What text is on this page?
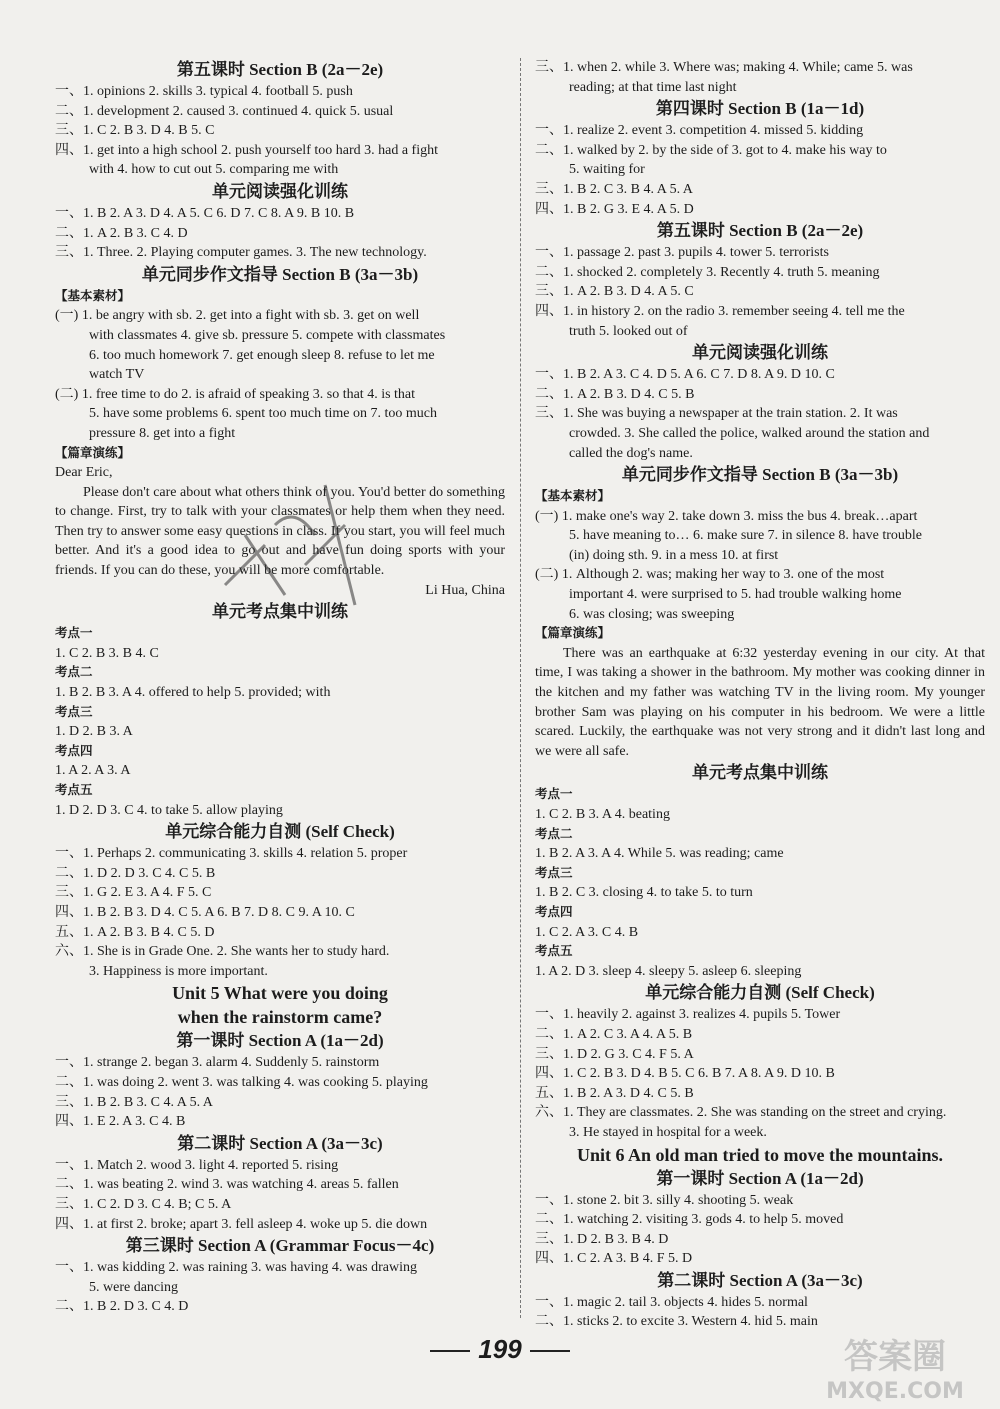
第五课时 Section B (2a－2e)
一、1. opinions 2. skills 3. typical 4. football 5. push
二、1. development 2. caused 3. continued 4. quick 5. usual
三、1. C 2. B 3. D 4. B 5. C
四、1. get into a high school 2. push yourself too hard 3. had a fight
with 4. how to cut out 5. comparing me with
单元阅读强化训练
一、1. B 2. A 3. D 4. A 5. C 6. D 7. C 8. A 9. B 10. B
二、1. A 2. B 3. C 4. D
三、1. Three. 2. Playing computer games. 3. The new technology.
单元同步作文指导 Section B (3a－3b)
【基本素材】
(一) 1. be angry with sb. 2. get into a fight with sb. 3. get on well
with classmates 4. give sb. pressure 5. compete with classmates
6. too much homework 7. get enough sleep 8. refuse to let me
watch TV
(二) 1. free time to do 2. is afraid of speaking 3. so that 4. is that
5. have some problems 6. spent too much time on 7. too much
pressure 8. get into a fight
【篇章演练】
Dear Eric,
Please don't care about what others think of you. You'd better do something to change. First, try to talk with your classmates or help them when they need. Then try to answer some easy questions in class. If you start, you will feel much better. And it's a good idea to go out and have fun doing sports with your friends. If you can do these, you will be more comfortable.
Li Hua, China
单元考点集中训练
考点一
1. C 2. B 3. B 4. C
考点二
1. B 2. B 3. A 4. offered to help 5. provided; with
考点三
1. D 2. B 3. A
考点四
1. A 2. A 3. A
考点五
1. D 2. D 3. C 4. to take 5. allow playing
单元综合能力自测 (Self Check)
一、1. Perhaps 2. communicating 3. skills 4. relation 5. proper
二、1. D 2. D 3. C 4. C 5. B
三、1. G 2. E 3. A 4. F 5. C
四、1. B 2. B 3. D 4. C 5. A 6. B 7. D 8. C 9. A 10. C
五、1. A 2. B 3. B 4. C 5. D
六、1. She is in Grade One. 2. She wants her to study hard.
3. Happiness is more important.
Unit 5 What were you doing
when the rainstorm came?
第一课时 Section A (1a－2d)
一、1. strange 2. began 3. alarm 4. Suddenly 5. rainstorm
二、1. was doing 2. went 3. was talking 4. was cooking 5. playing
三、1. B 2. B 3. C 4. A 5. A
四、1. E 2. A 3. C 4. B
第二课时 Section A (3a－3c)
一、1. Match 2. wood 3. light 4. reported 5. rising
二、1. was beating 2. wind 3. was watching 4. areas 5. fallen
三、1. C 2. D 3. C 4. B; C 5. A
四、1. at first 2. broke; apart 3. fell asleep 4. woke up 5. die down
第三课时 Section A (Grammar Focus－4c)
一、1. was kidding 2. was raining 3. was having 4. was drawing
5. were dancing
二、1. B 2. D 3. C 4. D
三、1. when 2. while 3. Where was; making 4. While; came 5. was
reading; at that time last night
第四课时 Section B (1a－1d)
一、1. realize 2. event 3. competition 4. missed 5. kidding
二、1. walked by 2. by the side of 3. got to 4. make his way to
5. waiting for
三、1. B 2. C 3. B 4. A 5. A
四、1. B 2. G 3. E 4. A 5. D
第五课时 Section B (2a－2e)
一、1. passage 2. past 3. pupils 4. tower 5. terrorists
二、1. shocked 2. completely 3. Recently 4. truth 5. meaning
三、1. A 2. B 3. D 4. A 5. C
四、1. in history 2. on the radio 3. remember seeing 4. tell me the
truth 5. looked out of
单元阅读强化训练
一、1. B 2. A 3. C 4. D 5. A 6. C 7. D 8. A 9. D 10. C
二、1. A 2. B 3. D 4. C 5. B
三、1. She was buying a newspaper at the train station. 2. It was
crowded. 3. She called the police, walked around the station and
called the dog's name.
单元同步作文指导 Section B (3a－3b)
【基本素材】
(一) 1. make one's way 2. take down 3. miss the bus 4. break…apart
5. have meaning to… 6. make sure 7. in silence 8. have trouble
(in) doing sth. 9. in a mess 10. at first
(二) 1. Although 2. was; making her way to 3. one of the most
important 4. were surprised to 5. had trouble walking home
6. was closing; was sweeping
【篇章演练】
There was an earthquake at 6:32 yesterday evening in our city. At that time, I was taking a shower in the bathroom. My mother was cooking dinner in the kitchen and my father was watching TV in the living room. My younger brother Sam was playing on his computer in his bedroom. We were a little scared. Luckily, the earthquake was not very strong and it didn't last long and we were all safe.
单元考点集中训练
考点一
1. C 2. B 3. A 4. beating
考点二
1. B 2. A 3. A 4. While 5. was reading; came
考点三
1. B 2. C 3. closing 4. to take 5. to turn
考点四
1. C 2. A 3. C 4. B
考点五
1. A 2. D 3. sleep 4. sleepy 5. asleep 6. sleeping
单元综合能力自测 (Self Check)
一、1. heavily 2. against 3. realizes 4. pupils 5. Tower
二、1. A 2. C 3. A 4. A 5. B
三、1. D 2. G 3. C 4. F 5. A
四、1. C 2. B 3. D 4. B 5. C 6. B 7. A 8. A 9. D 10. B
五、1. B 2. A 3. D 4. C 5. B
六、1. They are classmates. 2. She was standing on the street and crying.
3. He stayed in hospital for a week.
Unit 6 An old man tried to move the mountains.
第一课时 Section A (1a－2d)
一、1. stone 2. bit 3. silly 4. shooting 5. weak
二、1. watching 2. visiting 3. gods 4. to help 5. moved
三、1. D 2. B 3. B 4. D
四、1. C 2. A 3. B 4. F 5. D
第二课时 Section A (3a－3c)
一、1. magic 2. tail 3. objects 4. hides 5. normal
二、1. sticks 2. to excite 3. Western 4. hid 5. main
199	答案圈
MXQE.COM
